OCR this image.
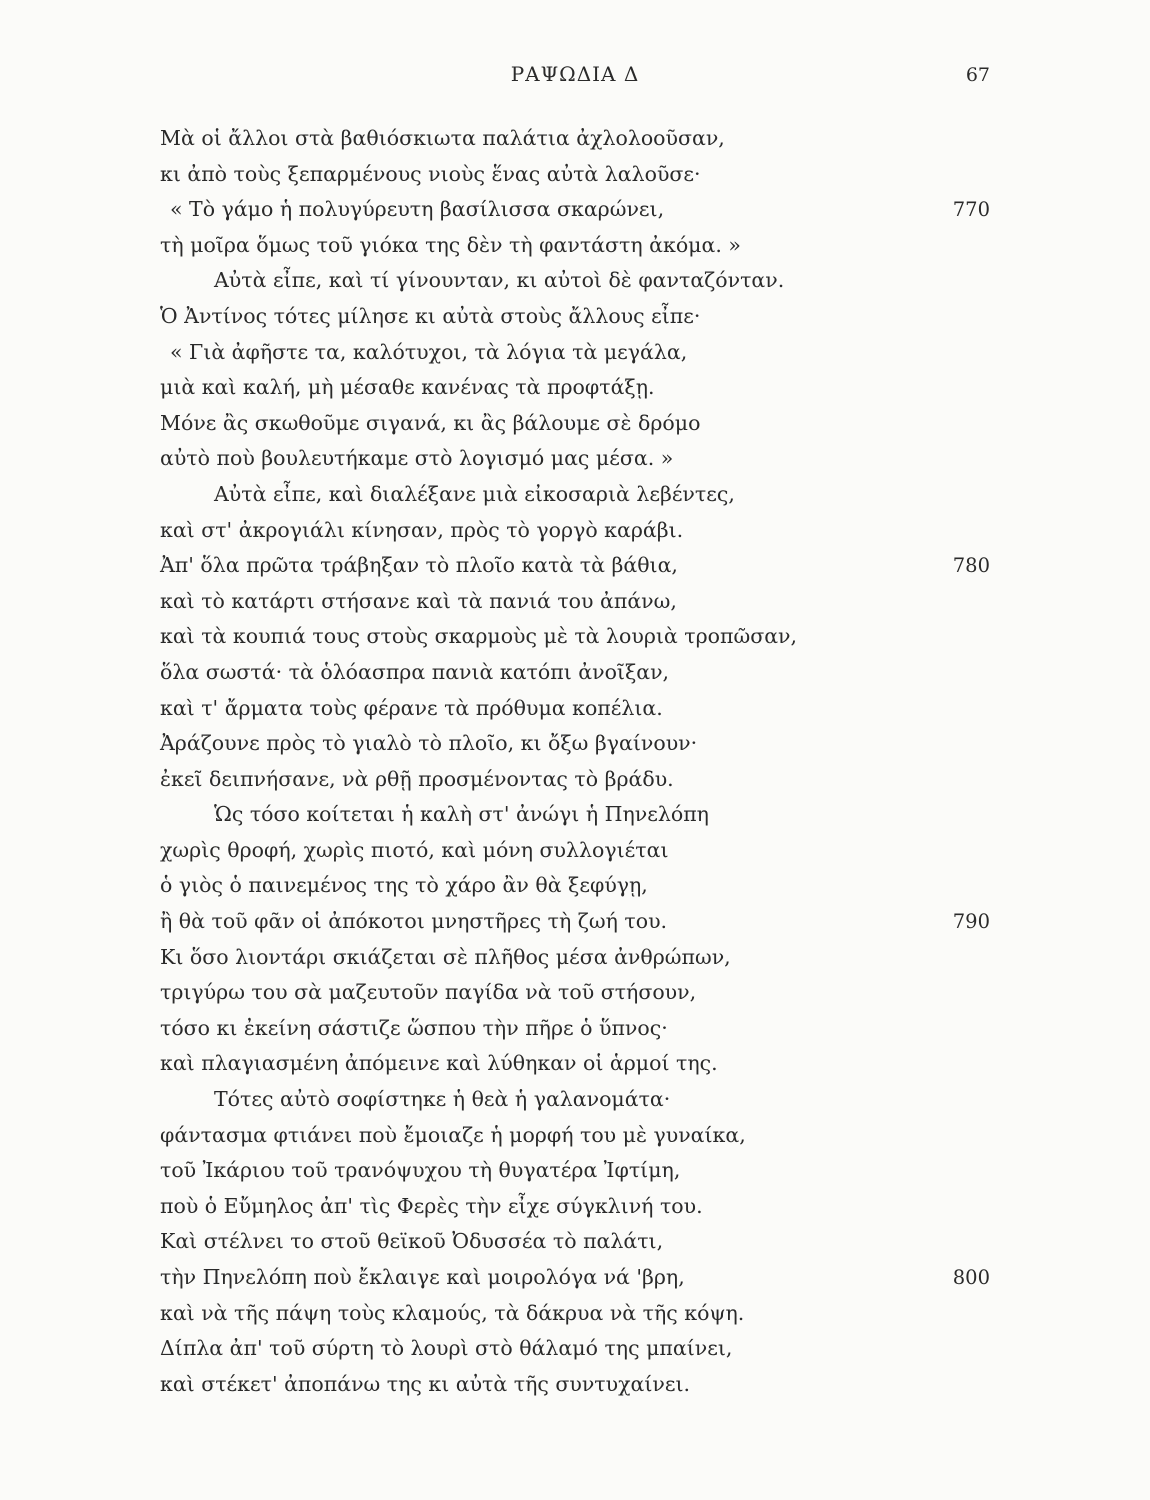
ΡΑΨΩΔΙΑ Δ	67
Μὰ οἱ ἄλλοι στὰ βαθιόσκιωτα παλάτια ἀχλολοοῦσαν,
κι ἀπὸ τοὺς ξεπαρμένους νιοὺς ἕνας αὐτὰ λαλοῦσε·
« Τὸ γάμο ἡ πολυγύρευτη βασίλισσα σκαρώνει,	770
τὴ μοῖρα ὅμως τοῦ γιόκα της δὲν τὴ φαντάστη ἀκόμα. »
Αὐτὰ εἶπε, καὶ τί γίνουνταν, κι αὐτοὶ δὲ φανταζόνταν.
Ὁ Ἀντίνος τότες μίλησε κι αὐτὰ στοὺς ἄλλους εἶπε·
« Γιὰ ἀφῆστε τα, καλότυχοι, τὰ λόγια τὰ μεγάλα,
μιὰ καὶ καλή, μὴ μέσαθε κανένας τὰ προφτάξῃ.
Μόνε ἂς σκωθοῦμε σιγανά, κι ἂς βάλουμε σὲ δρόμο
αὐτὸ ποὺ βουλευτήκαμε στὸ λογισμό μας μέσα. »
Αὐτὰ εἶπε, καὶ διαλέξανε μιὰ εἰκοσαριὰ λεβέντες,
καὶ στ' ἀκρογιάλι κίνησαν, πρὸς τὸ γοργὸ καράβι.
Ἀπ' ὅλα πρῶτα τράβηξαν τὸ πλοῖο κατὰ τὰ βάθια,	780
καὶ τὸ κατάρτι στήσανε καὶ τὰ πανιά του ἀπάνω,
καὶ τὰ κουπιά τους στοὺς σκαρμοὺς μὲ τὰ λουριὰ τροπῶσαν,
ὅλα σωστά· τὰ ὁλόασπρα πανιὰ κατόπι ἀνοῖξαν,
καὶ τ' ἄρματα τοὺς φέρανε τὰ πρόθυμα κοπέλια.
Ἀράζουνε πρὸς τὸ γιαλὸ τὸ πλοῖο, κι ὄξω βγαίνουν·
ἐκεῖ δειπνήσανε, νὰ ρθῇ προσμένοντας τὸ βράδυ.
Ὡς τόσο κοίτεται ἡ καλὴ στ' ἀνώγι ἡ Πηνελόπη
χωρὶς θροφή, χωρὶς πιοτό, καὶ μόνη συλλογιέται
ὁ γιὸς ὁ παινεμένος της τὸ χάρο ἂν θὰ ξεφύγῃ,
ἢ θὰ τοῦ φᾶν οἱ ἀπόκοτοι μνηστῆρες τὴ ζωή του.	790
Κι ὅσο λιοντάρι σκιάζεται σὲ πλῆθος μέσα ἀνθρώπων,
τριγύρω του σὰ μαζευτοῦν παγίδα νὰ τοῦ στήσουν,
τόσο κι ἐκείνη σάστιζε ὥσπου τὴν πῆρε ὁ ὕπνος·
καὶ πλαγιασμένη ἀπόμεινε καὶ λύθηκαν οἱ ἁρμοί της.
Τότες αὐτὸ σοφίστηκε ἡ θεὰ ἡ γαλανομάτα·
φάντασμα φτιάνει ποὺ ἔμοιαζε ἡ μορφή του μὲ γυναίκα,
τοῦ Ἰκάριου τοῦ τρανόψυχου τὴ θυγατέρα Ἰφτίμη,
ποὺ ὁ Εὔμηλος ἀπ' τὶς Φερὲς τὴν εἶχε σύγκλινή του.
Καὶ στέλνει το στοῦ θεϊκοῦ Ὀδυσσέα τὸ παλάτι,
τὴν Πηνελόπη ποὺ ἔκλαιγε καὶ μοιρολόγα νά 'βρη,	800
καὶ νὰ τῆς πάψη τοὺς κλαμούς, τὰ δάκρυα νὰ τῆς κόψη.
Δίπλα ἀπ' τοῦ σύρτη τὸ λουρὶ στὸ θάλαμό της μπαίνει,
καὶ στέκετ' ἀποπάνω της κι αὐτὰ τῆς συντυχαίνει.
